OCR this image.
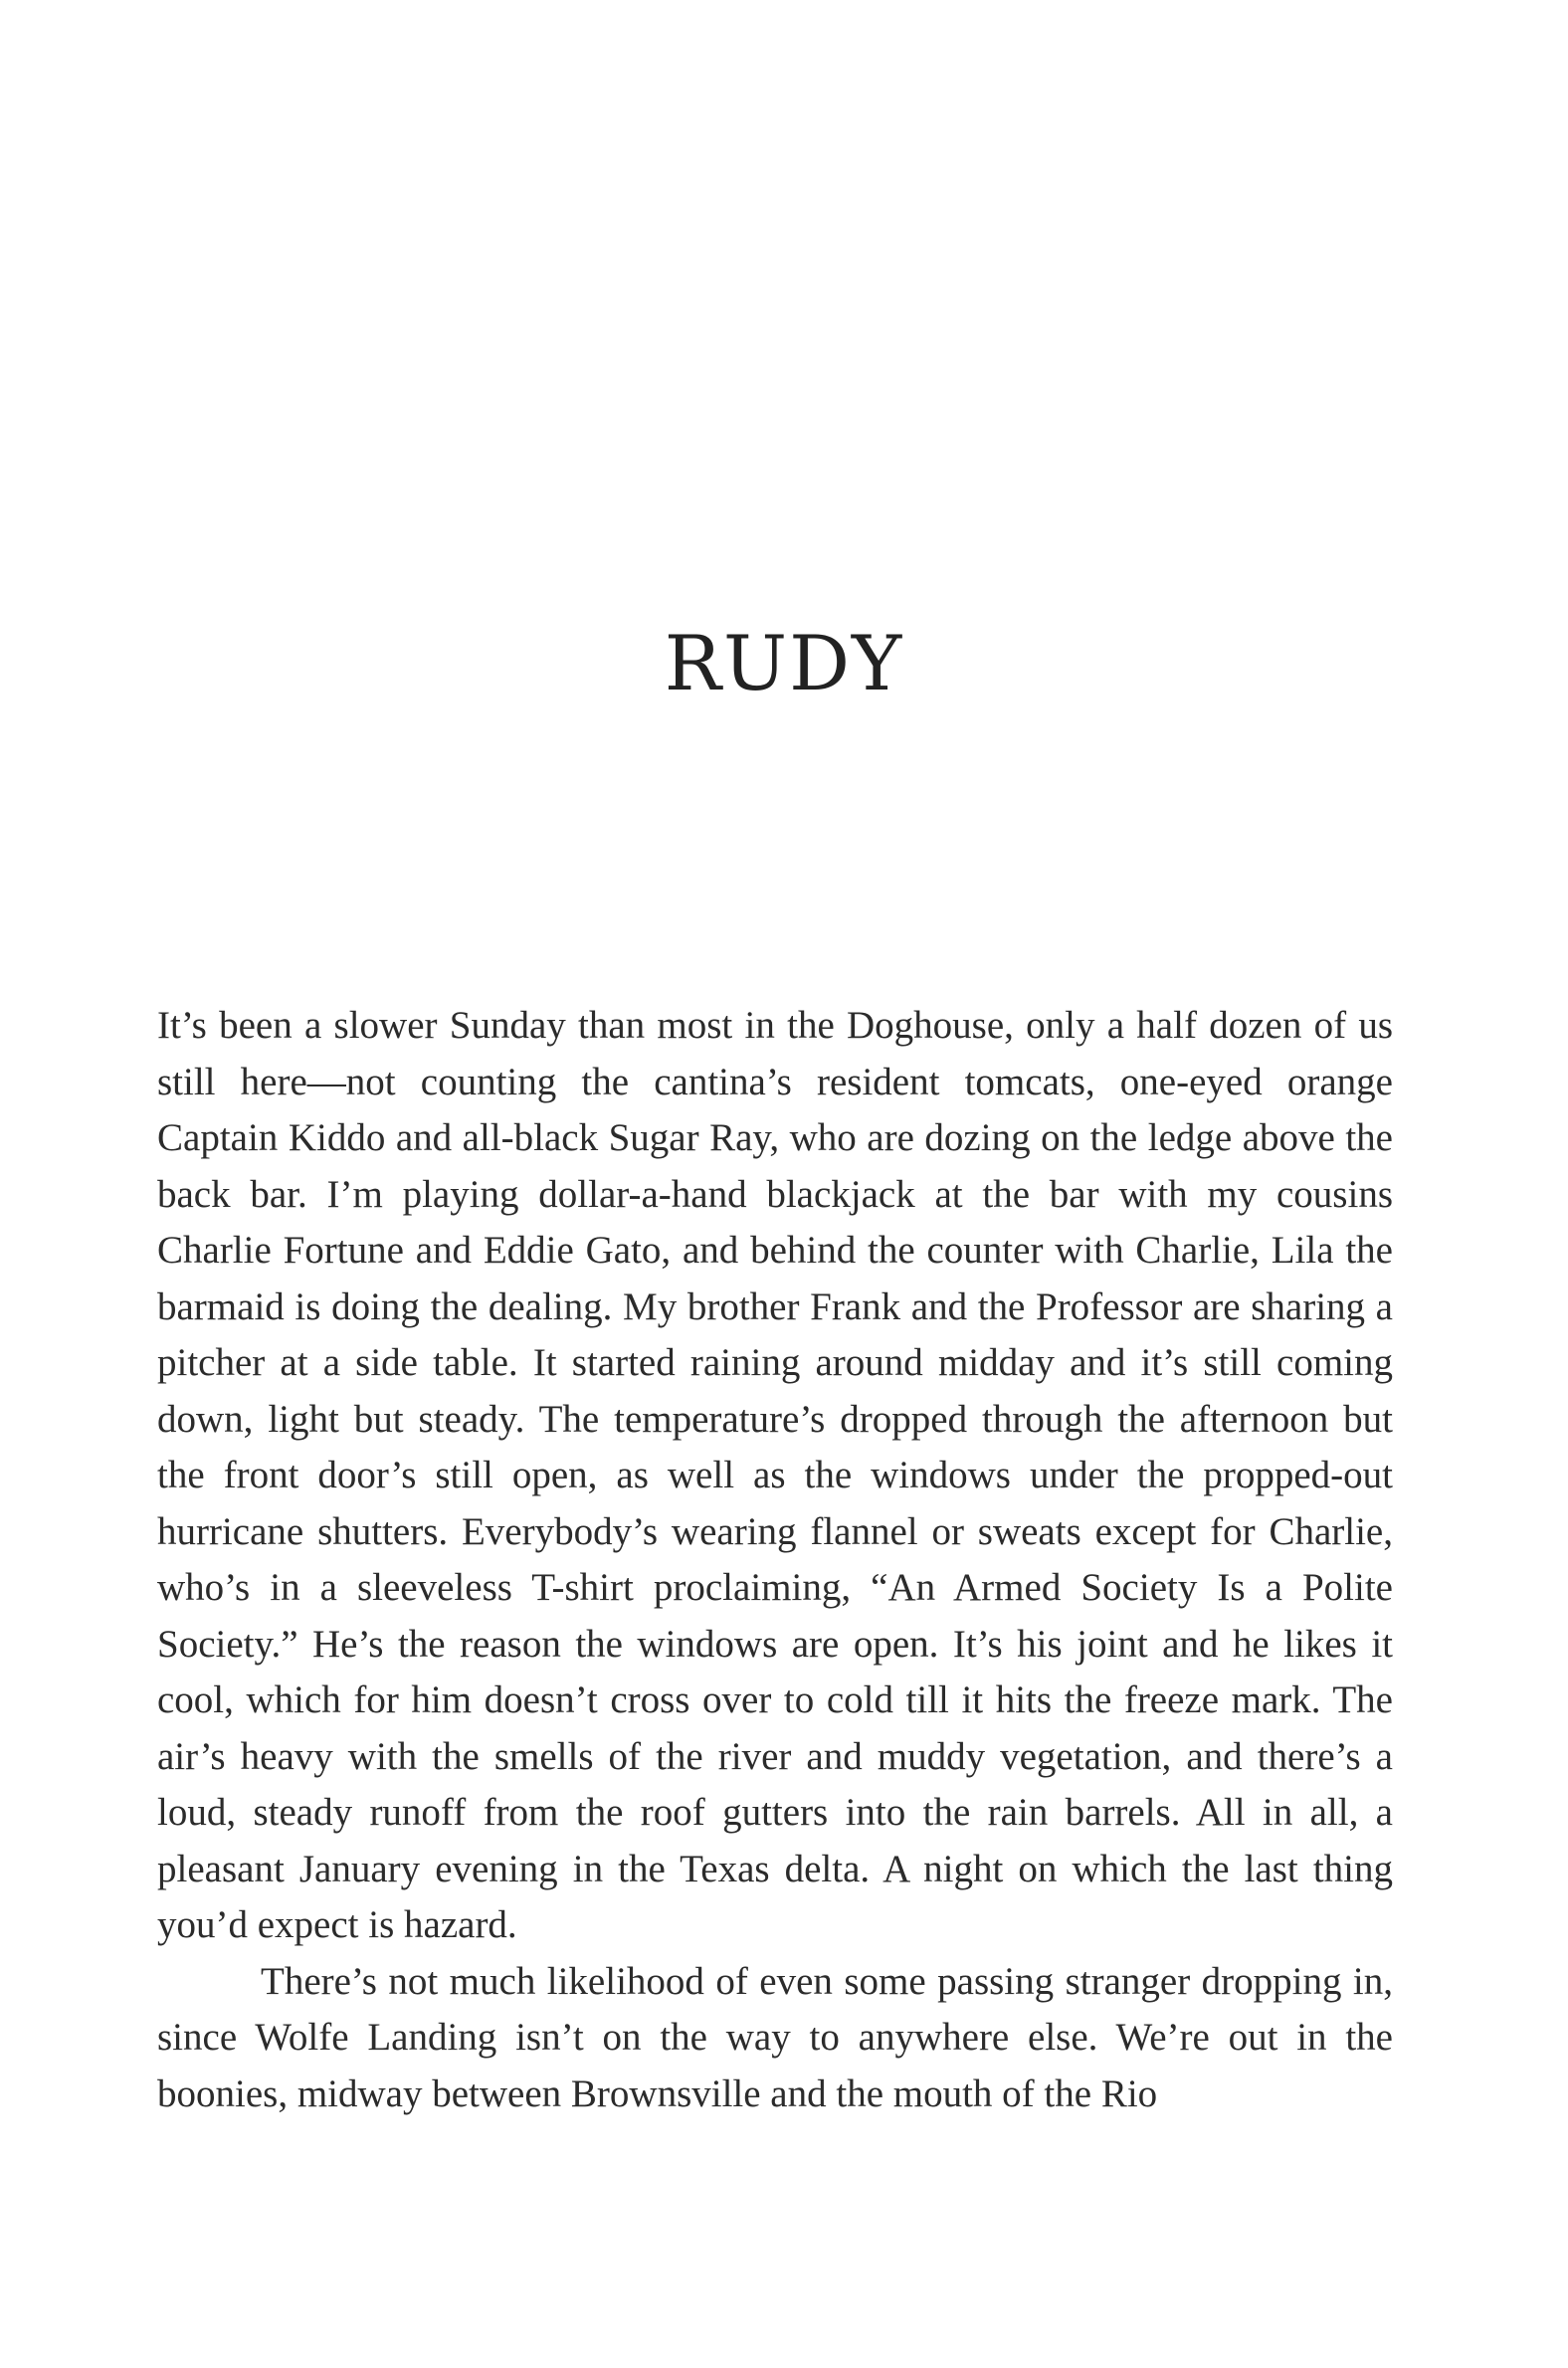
RUDY

It’s been a slower Sunday than most in the Doghouse, only a half dozen of us still here—not counting the cantina’s resident tomcats, one-eyed orange Captain Kiddo and all-black Sugar Ray, who are dozing on the ledge above the back bar. I’m playing dollar-a-hand blackjack at the bar with my cousins Charlie Fortune and Eddie Gato, and behind the counter with Charlie, Lila the barmaid is doing the dealing. My brother Frank and the Professor are sharing a pitcher at a side table. It started raining around midday and it’s still coming down, light but steady. The temperature’s dropped through the afternoon but the front door’s still open, as well as the windows under the propped-out hurricane shutters. Everybody’s wearing flannel or sweats except for Charlie, who’s in a sleeveless T-shirt proclaiming, “An Armed Society Is a Polite Society.” He’s the reason the windows are open. It’s his joint and he likes it cool, which for him doesn’t cross over to cold till it hits the freeze mark. The air’s heavy with the smells of the river and muddy vegetation, and there’s a loud, steady runoff from the roof gutters into the rain barrels. All in all, a pleasant January evening in the Texas delta. A night on which the last thing you’d expect is hazard.

There’s not much likelihood of even some passing stranger dropping in, since Wolfe Landing isn’t on the way to anywhere else. We’re out in the boonies, midway between Brownsville and the mouth of the Rio
